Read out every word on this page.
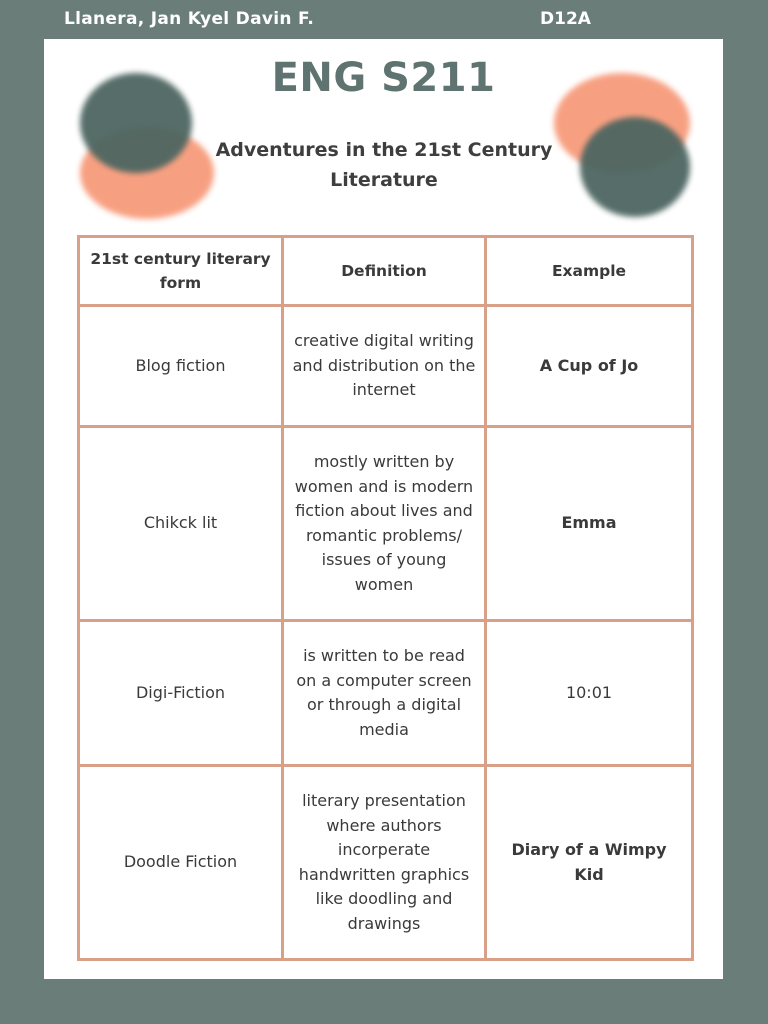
Llanera, Jan Kyel Davin F.	D12A
ENG S211
Adventures in the 21st Century Literature
21st century literary form	Definition	Example
Blog fiction	creative digital writing and distribution on the internet	A Cup of Jo
Chikck lit	mostly written by women and is modern fiction about lives and romantic problems/ issues of young women	Emma
Digi-Fiction	is written to be read on a computer screen or through a digital media	10:01
Doodle Fiction	literary presentation where authors incorperate handwritten graphics like doodling and drawings	Diary of a Wimpy Kid
